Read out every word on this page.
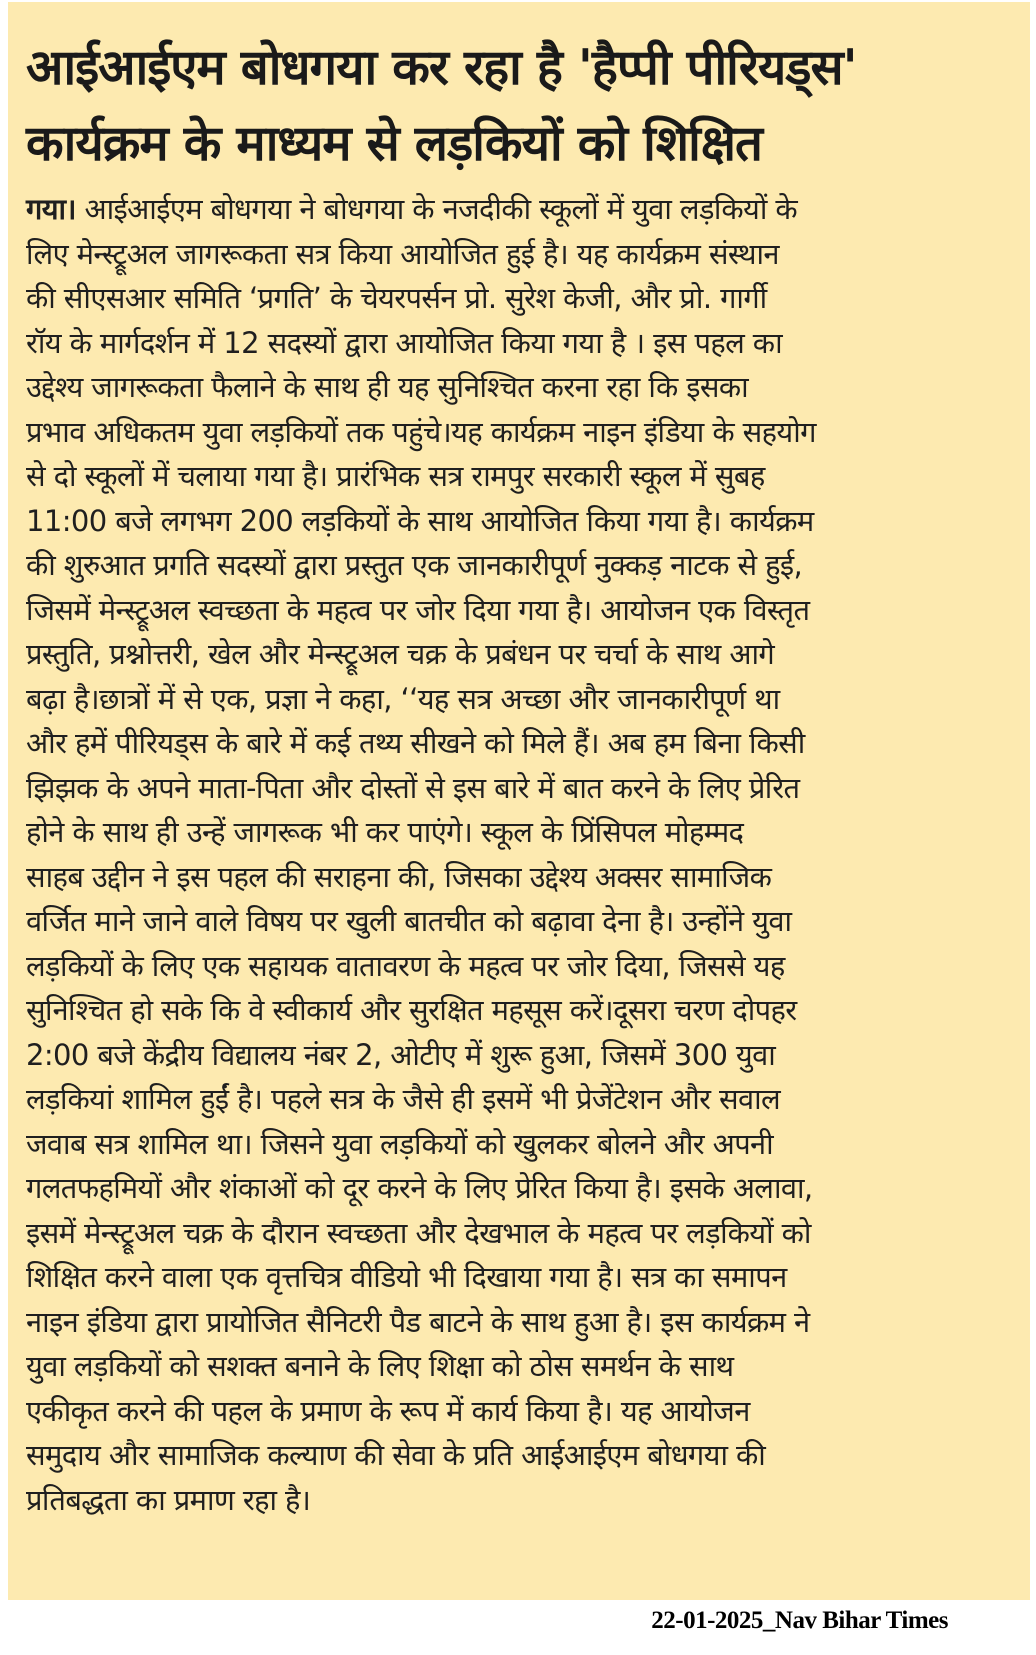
आईआईएम बोधगया कर रहा है 'हैप्पी पीरियड्स'
कार्यक्रम के माध्यम से लड़कियों को शिक्षित
गया। आईआईएम बोधगया ने बोधगया के नजदीकी स्कूलों में युवा लड़कियों के
लिए मेन्स्ट्रूअल जागरूकता सत्र किया आयोजित हुई है। यह कार्यक्रम संस्थान
की सीएसआर समिति ‘प्रगति’ के चेयरपर्सन प्रो. सुरेश केजी, और प्रो. गार्गी
रॉय के मार्गदर्शन में 12 सदस्यों द्वारा आयोजित किया गया है । इस पहल का
उद्देश्य जागरूकता फैलाने के साथ ही यह सुनिश्चित करना रहा कि इसका
प्रभाव अधिकतम युवा लड़कियों तक पहुंचे।यह कार्यक्रम नाइन इंडिया के सहयोग
से दो स्कूलों में चलाया गया है। प्रारंभिक सत्र रामपुर सरकारी स्कूल में सुबह
11:00 बजे लगभग 200 लड़कियों के साथ आयोजित किया गया है। कार्यक्रम
की शुरुआत प्रगति सदस्यों द्वारा प्रस्तुत एक जानकारीपूर्ण नुक्कड़ नाटक से हुई,
जिसमें मेन्स्ट्रूअल स्वच्छता के महत्व पर जोर दिया गया है। आयोजन एक विस्तृत
प्रस्तुति, प्रश्नोत्तरी, खेल और मेन्स्ट्रूअल चक्र के प्रबंधन पर चर्चा के साथ आगे
बढ़ा है।छात्रों में से एक, प्रज्ञा ने कहा, ‘‘यह सत्र अच्छा और जानकारीपूर्ण था
और हमें पीरियड्स के बारे में कई तथ्य सीखने को मिले हैं। अब हम बिना किसी
झिझक के अपने माता-पिता और दोस्तों से इस बारे में बात करने के लिए प्रेरित
होने के साथ ही उन्हें जागरूक भी कर पाएंगे। स्कूल के प्रिंसिपल मोहम्मद
साहब उद्दीन ने इस पहल की सराहना की, जिसका उद्देश्य अक्सर सामाजिक
वर्जित माने जाने वाले विषय पर खुली बातचीत को बढ़ावा देना है। उन्होंने युवा
लड़कियों के लिए एक सहायक वातावरण के महत्व पर जोर दिया, जिससे यह
सुनिश्चित हो सके कि वे स्वीकार्य और सुरक्षित महसूस करें।दूसरा चरण दोपहर
2:00 बजे केंद्रीय विद्यालय नंबर 2, ओटीए में शुरू हुआ, जिसमें 300 युवा
लड़कियां शामिल हुईं है। पहले सत्र के जैसे ही इसमें भी प्रेजेंटेशन और सवाल
जवाब सत्र शामिल था। जिसने युवा लड़कियों को खुलकर बोलने और अपनी
गलतफहमियों और शंकाओं को दूर करने के लिए प्रेरित किया है। इसके अलावा,
इसमें मेन्स्ट्रूअल चक्र के दौरान स्वच्छता और देखभाल के महत्व पर लड़कियों को
शिक्षित करने वाला एक वृत्तचित्र वीडियो भी दिखाया गया है। सत्र का समापन
नाइन इंडिया द्वारा प्रायोजित सैनिटरी पैड बाटने के साथ हुआ है। इस कार्यक्रम ने
युवा लड़कियों को सशक्त बनाने के लिए शिक्षा को ठोस समर्थन के साथ
एकीकृत करने की पहल के प्रमाण के रूप में कार्य किया है। यह आयोजन
समुदाय और सामाजिक कल्याण की सेवा के प्रति आईआईएम बोधगया की
प्रतिबद्धता का प्रमाण रहा है।
22-01-2025_Nav Bihar Times
